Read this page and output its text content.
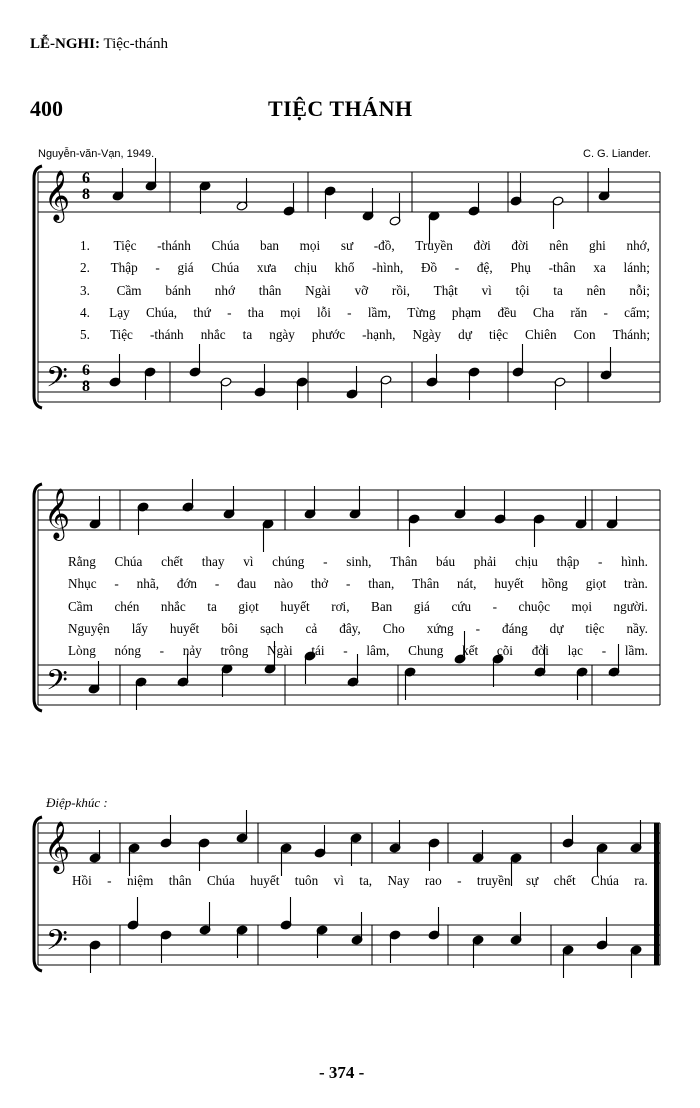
LỄ-NGHI: Tiệc-thánh
400	TIỆC THÁNH
Nguyễn-văn-Vạn, 1949.	C. G. Liander.
𝄞
𝄢
𝄞
𝄢
𝄞
𝄢
6
8
6
8
1. Tiệc -thánh Chúa ban mọi sư -đồ, Truyền đời đời nên ghi nhớ,
2. Thập - giá Chúa xưa chịu khổ -hình, Đồ - đệ, Phụ -thân xa lánh;
3. Cầm bánh nhớ thân Ngài vỡ rồi, Thật vì tội ta nên nỗi;
4. Lạy Chúa, thứ - tha mọi lỗi - lầm, Từng phạm đều Cha răn - cấm;
5. Tiệc -thánh nhắc ta ngày phước -hạnh, Ngày dự tiệc Chiên Con Thánh;
Rằng Chúa chết thay vì chúng - sinh, Thân báu phải chịu thập - hình.
Nhục - nhã, đớn - đau nào thở - than, Thân nát, huyết hồng giọt tràn.
Cầm chén nhắc ta giọt huyết rơi, Ban giá cứu - chuộc mọi người.
Nguyện lấy huyết bôi sạch cả đây, Cho xứng - đáng dự tiệc nầy.
Lòng nóng - nảy trông Ngài tái - lâm, Chung kết cõi đời lạc - lầm.
Điệp-khúc :
Hồi - niệm thân Chúa huyết tuôn vì ta, Nay rao - truyền sự chết Chúa ra.
- 374 -
